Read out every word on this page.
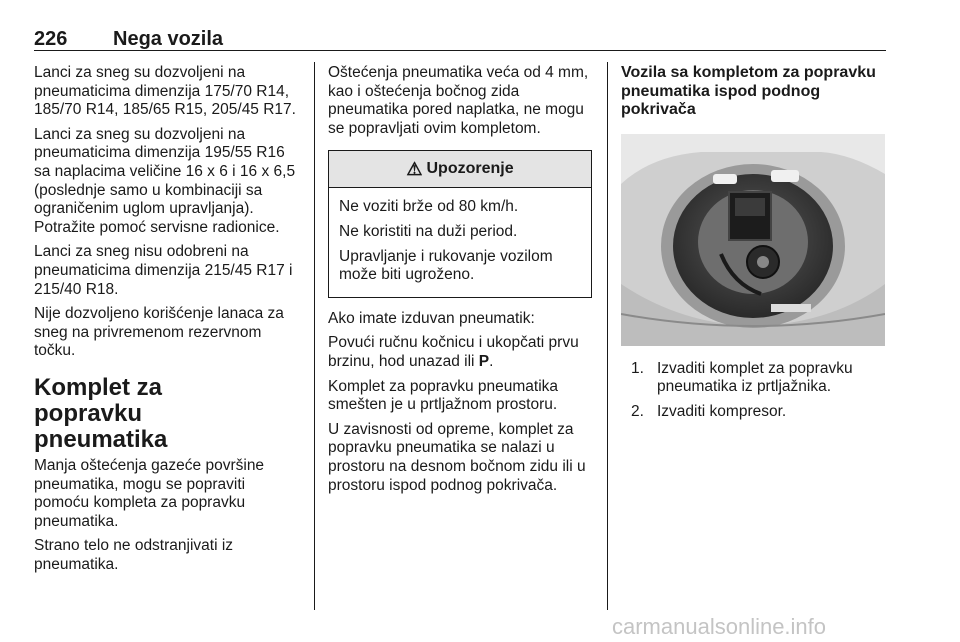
226 Nega vozila

Lanci za sneg su dozvoljeni na pneumaticima dimenzija 175/70 R14, 185/70 R14, 185/65 R15, 205/45 R17.

Lanci za sneg su dozvoljeni na pneumaticima dimenzija 195/55 R16 sa naplacima veličine 16 x 6 i 16 x 6,5 (poslednje samo u kombinaciji sa ograničenim uglom upravljanja). Potražite pomoć servisne radionice.

Lanci za sneg nisu odobreni na pneumaticima dimenzija 215/45 R17 i 215/40 R18.

Nije dozvoljeno korišćenje lanaca za sneg na privremenom rezervnom točku.

Komplet za popravku pneumatika

Manja oštećenja gazeće površine pneumatika, mogu se popraviti pomoću kompleta za popravku pneumatika.

Strano telo ne odstranjivati iz pneumatika.

Oštećenja pneumatika veća od 4 mm, kao i oštećenja bočnog zida pneumatika pored naplatka, ne mogu se popravljati ovim kompletom.

⚠ Upozorenje

Ne voziti brže od 80 km/h.

Ne koristiti na duži period.

Upravljanje i rukovanje vozilom može biti ugroženo.

Ako imate izduvan pneumatik:

Povući ručnu kočnicu i ukopčati prvu brzinu, hod unazad ili P.

Komplet za popravku pneumatika smešten je u prtljažnom prostoru.

U zavisnosti od opreme, komplet za popravku pneumatika se nalazi u prostoru na desnom bočnom zidu ili u prostoru ispod podnog pokrivača.

Vozila sa kompletom za popravku pneumatika ispod podnog pokrivača
1. Izvaditi komplet za popravku pneumatika iz prtljažnika.
2. Izvaditi kompresor.
carmanualsonline.info
